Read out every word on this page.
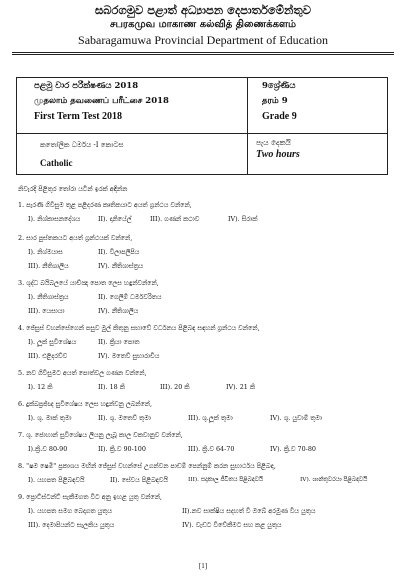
සබරගමුව පළාත් අධ්‍යාපන දෙපාර්තමේන්තුව
சபரகமுவ மாகாண கல்வித் திணைக்களம்
Sabaragamuwa Provincial Department of Education
පළමු වාර පරීක්ෂණය 2018	9ශ්‍රේණිය
முதலாம் தவணைப் பரீட்சை 2018	தரம் 9
First Term Test 2018	Grade 9
කතෝලික ධර්මය -I කොටස
Catholic
පැය දෙකයි
Two hours
නිවැරදි පිළිතුර තෝරා යටින් ඉරක් අඳින්න
1. පැරණි ගිවිසුම තුළ පළිදරණ කෘතිකයාට අයත් ග්‍රන්ථය වන්නේ,
I). නිශ්කාසනදේශය	II). දානියේල්	III). ගණන් කථාව	IV). සිරාක්
2. සාර පුස්තකයට අයත් ග්‍රන්ථයක් වන්නේ,
I). නිශ්මයාස	II). විලාපලිපිය
III). නීතිශාලිය	IV). නීතිශාස්ත්‍රය
3. ශුද්ධ බයිබලයේ යාච්ඤා පොත ලෙස හඳුන්වන්නේ,
I). නීතිශාස්ත්‍රය	II). ගෙලිම් ධර්මවරිතය
III). යෙසායා	IV). නීතිශාලිය
4. ජේසුස් වහන්සේගෙන් පසුව මුල් කිතුනු සභාවේ වර්ධනය පිළිබඳ සඳහන් ග්‍රන්ථය වන්නේ,
I). ලූක් සුවිශේෂය	II). ක්‍රියා පොත
III). එළිදරව්ව	IV). මතෙව් සුභාරාචිය
5. නව ගිවිසුමට අයත් පොත්වල ගණන වන්නේ,
I). 12 කි	II). 18 කි	III). 20 කි	IV). 21 කි
6. දුක්ඛප්‍රජ්ඥ සුවිශේෂය ලෙස හඳුන්වනු ලබන්නේ,
I). ශු. මාක් තුමා	II). ශු. මතෙව් තුමා	III). ශු.ලූක් තුමා	IV). ශු. යුවාම් තුමා
7. ශු. ජොහාන් සුවිශේෂය ලියනු ලැබූ කාල වකවානුව වන්නේ,
I).ක්‍රි.ව 80-90	II). ක්‍රි.ව 90-100	III). ක්‍රි.ව 64-70	IV). ක්‍රි.ව 70-80
8. "ෂම ෂෙමී" ප්‍රකාශය මඟින් ජේසුස් වහන්සේ උගන්වන පාඩම් පෙන්නුම් කරන සුභාර්ථය පිළිබඳ,
I). යහපත පිළිබඳවයි	II). සේවය පිළිබඳවයි	III). සදාකාල ජීවිතය පිළිබඳවයි	IV). ශාන්තුවරයා පිළිබඳවයි
9. ප්‍රොට්ස්ටන්ට් සැකීමගත වීට අනු ඉහළ යුතු වන්නේ,
I). යහපත සමග බෙදාගත යුතුය	II).නව සාක්ෂිය සදහත් වී ඔබේ අරමුණ වීය යුතුය
III). දෙමාපියන්ට සැලකිය යුතුය	IV). වැඩට විවේකීමට සහ කළ යුතුය
[1]
